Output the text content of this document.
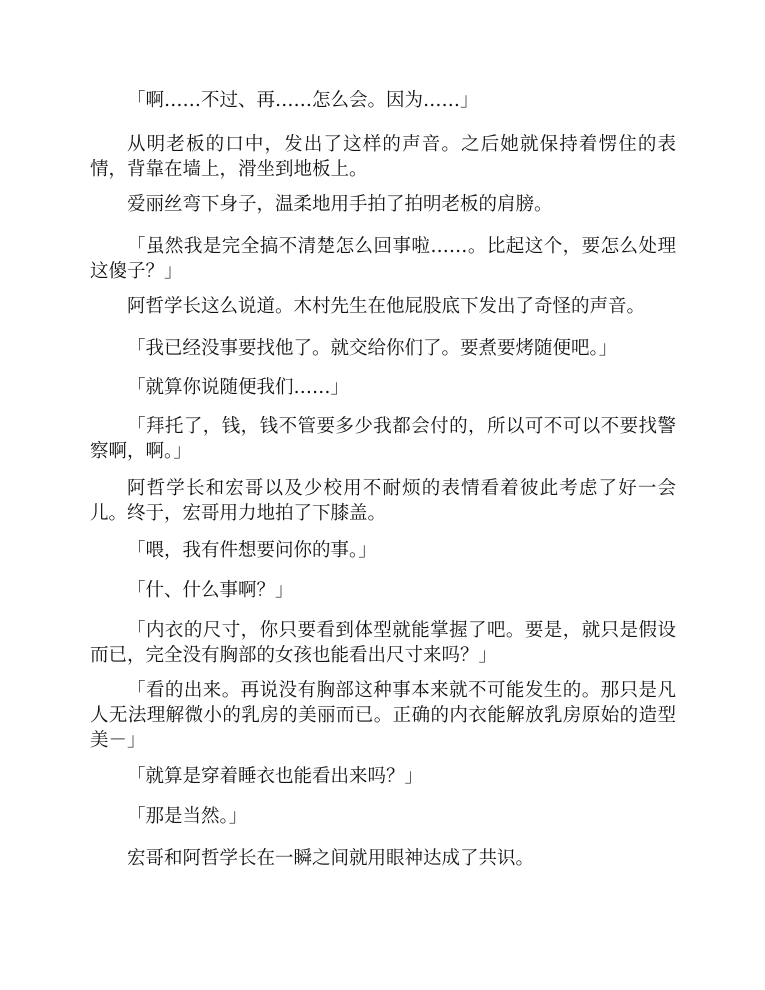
「啊……不过、再……怎么会。因为……」

从明老板的口中，发出了这样的声音。之后她就保持着愣住的表情，背靠在墙上，滑坐到地板上。

爱丽丝弯下身子，温柔地用手拍了拍明老板的肩膀。

「虽然我是完全搞不清楚怎么回事啦……。比起这个，要怎么处理这傻子？」

阿哲学长这么说道。木村先生在他屁股底下发出了奇怪的声音。

「我已经没事要找他了。就交给你们了。要煮要烤随便吧。」

「就算你说随便我们……」

「拜托了，钱，钱不管要多少我都会付的，所以可不可以不要找警察啊，啊。」

阿哲学长和宏哥以及少校用不耐烦的表情看着彼此考虑了好一会儿。终于，宏哥用力地拍了下膝盖。

「喂，我有件想要问你的事。」

「什、什么事啊？」

「内衣的尺寸，你只要看到体型就能掌握了吧。要是，就只是假设而已，完全没有胸部的女孩也能看出尺寸来吗？」

「看的出来。再说没有胸部这种事本来就不可能发生的。那只是凡人无法理解微小的乳房的美丽而已。正确的内衣能解放乳房原始的造型美－」

「就算是穿着睡衣也能看出来吗？」

「那是当然。」

宏哥和阿哲学长在一瞬之间就用眼神达成了共识。
